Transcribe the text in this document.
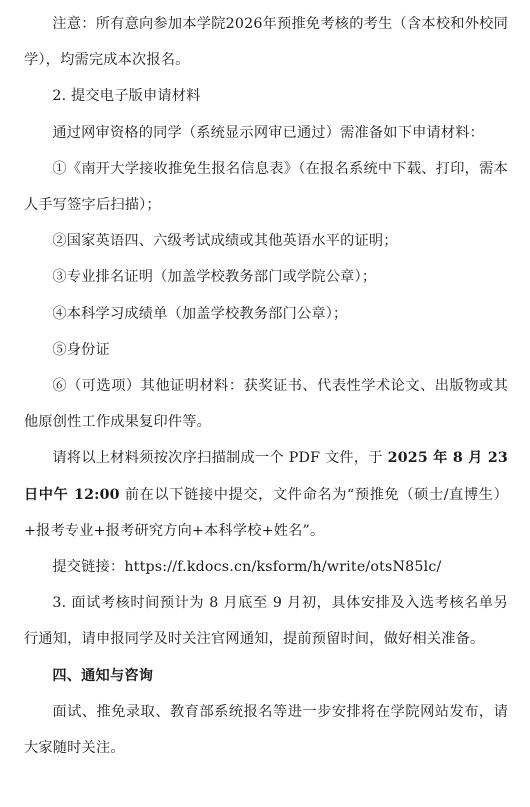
注意：所有意向参加本学院2026年预推免考核的考生（含本校和外校同学），均需完成本次报名。

2. 提交电子版申请材料

通过网审资格的同学（系统显示网审已通过）需准备如下申请材料：

①《南开大学接收推免生报名信息表》（在报名系统中下载、打印，需本人手写签字后扫描）；

②国家英语四、六级考试成绩或其他英语水平的证明；

③专业排名证明（加盖学校教务部门或学院公章）；

④本科学习成绩单（加盖学校教务部门公章）；

⑤身份证

⑥（可选项）其他证明材料：获奖证书、代表性学术论文、出版物或其他原创性工作成果复印件等。

请将以上材料须按次序扫描制成一个 PDF 文件，于 2025 年 8 月 23 日中午 12:00 前在以下链接中提交，文件命名为“预推免（硕士/直博生）+报考专业+报考研究方向+本科学校+姓名”。

提交链接：https://f.kdocs.cn/ksform/h/write/otsN85lc/

3. 面试考核时间预计为 8 月底至 9 月初，具体安排及入选考核名单另行通知，请申报同学及时关注官网通知，提前预留时间，做好相关准备。

四、通知与咨询

面试、推免录取、教育部系统报名等进一步安排将在学院网站发布，请大家随时关注。
